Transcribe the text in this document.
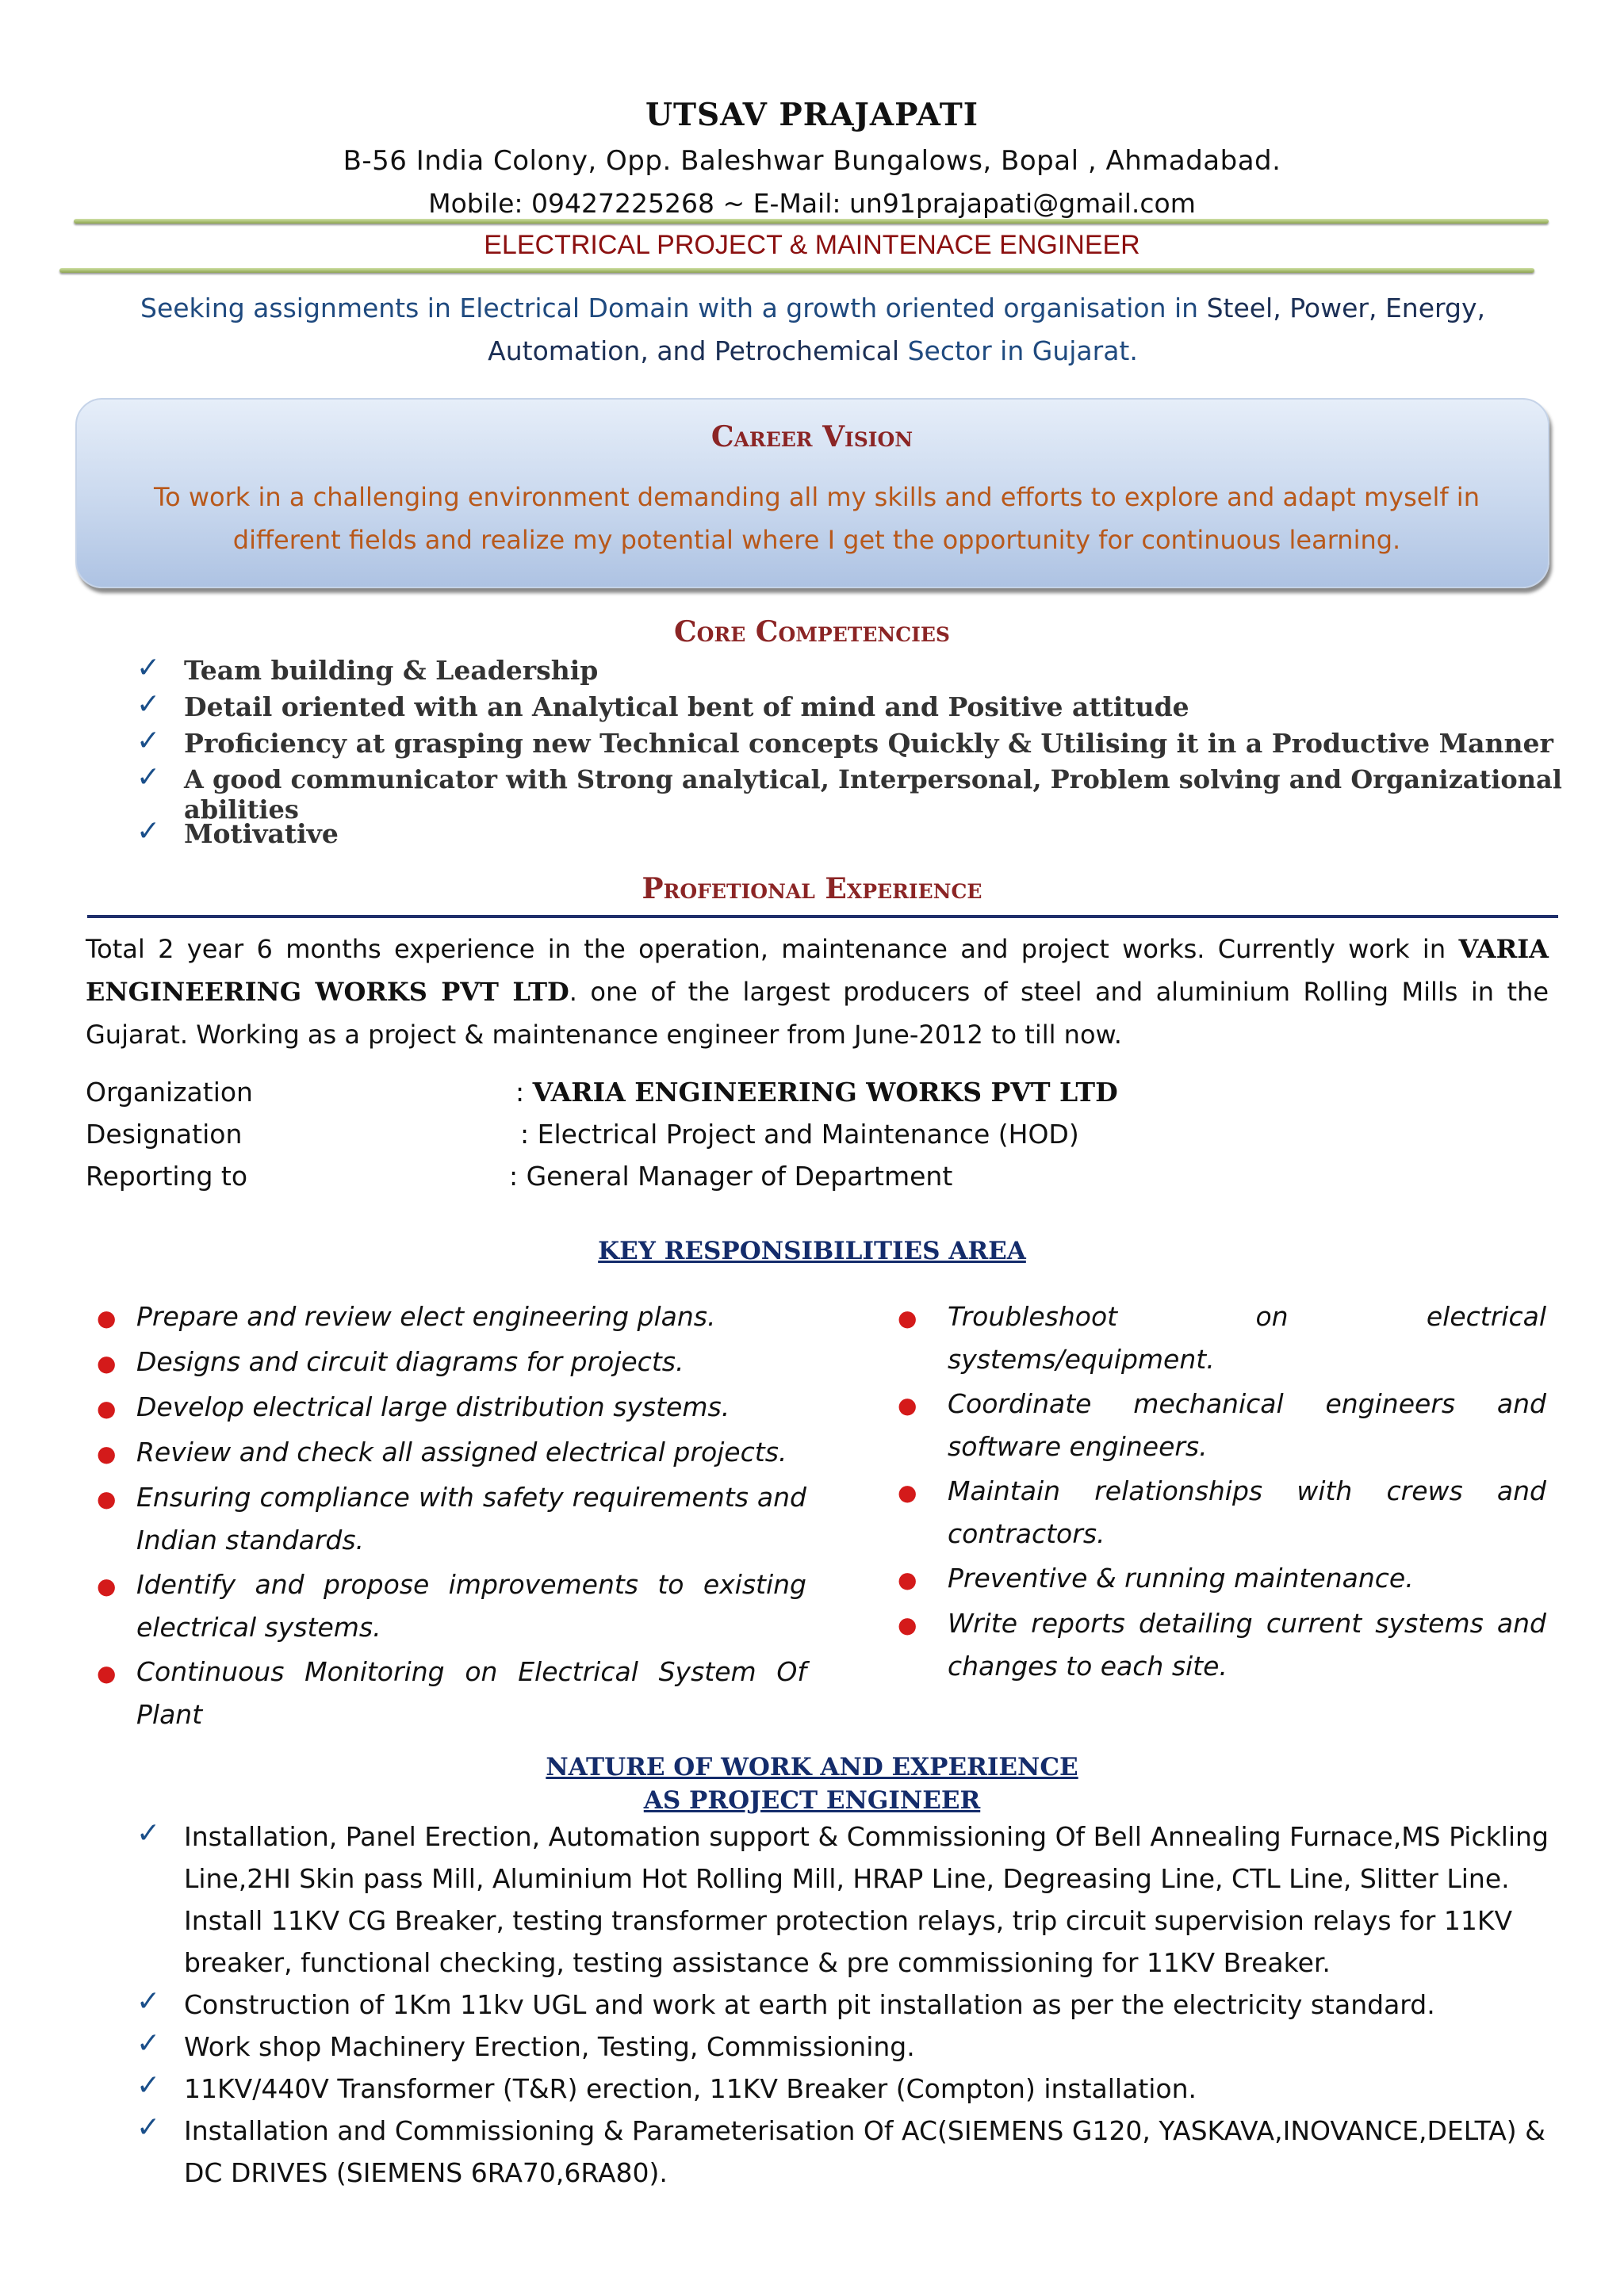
UTSAV PRAJAPATI
B-56 India Colony, Opp. Baleshwar Bungalows, Bopal , Ahmadabad.
Mobile: 09427225268 ~ E-Mail: un91prajapati@gmail.com
ELECTRICAL PROJECT & MAINTENACE ENGINEER
Seeking assignments in Electrical Domain with a growth oriented organisation in Steel, Power, Energy, Automation, and Petrochemical Sector in Gujarat.
Career Vision
To work in a challenging environment demanding all my skills and efforts to explore and adapt myself in different fields and realize my potential where I get the opportunity for continuous learning.
Core Competencies
✓ Team building & Leadership
✓ Detail oriented with an Analytical bent of mind and Positive attitude
✓ Proficiency at grasping new Technical concepts Quickly & Utilising it in a Productive Manner
✓ A good communicator with Strong analytical, Interpersonal, Problem solving and Organizational abilities
✓ Motivative
Profetional Experience
Total 2 year 6 months experience in the operation, maintenance and project works. Currently work in VARIA ENGINEERING WORKS PVT LTD. one of the largest producers of steel and aluminium Rolling Mills in the Gujarat. Working as a project & maintenance engineer from June-2012 to till now.
Organization	: VARIA ENGINEERING WORKS PVT LTD
Designation	: Electrical Project and Maintenance (HOD)
Reporting to	: General Manager of Department
KEY RESPONSIBILITIES AREA
● Prepare and review elect engineering plans.
● Designs and circuit diagrams for projects.
● Develop electrical large distribution systems.
● Review and check all assigned electrical projects.
● Ensuring compliance with safety requirements and Indian standards.
● Identify and propose improvements to existing electrical systems.
● Continuous Monitoring on Electrical System Of Plant
● Troubleshoot on electrical systems/equipment.
● Coordinate mechanical engineers and software engineers.
● Maintain relationships with crews and contractors.
● Preventive & running maintenance.
● Write reports detailing current systems and changes to each site.
NATURE OF WORK AND EXPERIENCE
AS PROJECT ENGINEER
✓ Installation, Panel Erection, Automation support & Commissioning Of Bell Annealing Furnace,MS Pickling Line,2HI Skin pass Mill, Aluminium Hot Rolling Mill, HRAP Line, Degreasing Line, CTL Line, Slitter Line. Install 11KV CG Breaker, testing transformer protection relays, trip circuit supervision relays for 11KV breaker, functional checking, testing assistance & pre commissioning for 11KV Breaker.
✓ Construction of 1Km 11kv UGL and work at earth pit installation as per the electricity standard.
✓ Work shop Machinery Erection, Testing, Commissioning.
✓ 11KV/440V Transformer (T&R) erection, 11KV Breaker (Compton) installation.
✓ Installation and Commissioning & Parameterisation Of AC(SIEMENS G120, YASKAVA,INOVANCE,DELTA) & DC DRIVES (SIEMENS 6RA70,6RA80).
